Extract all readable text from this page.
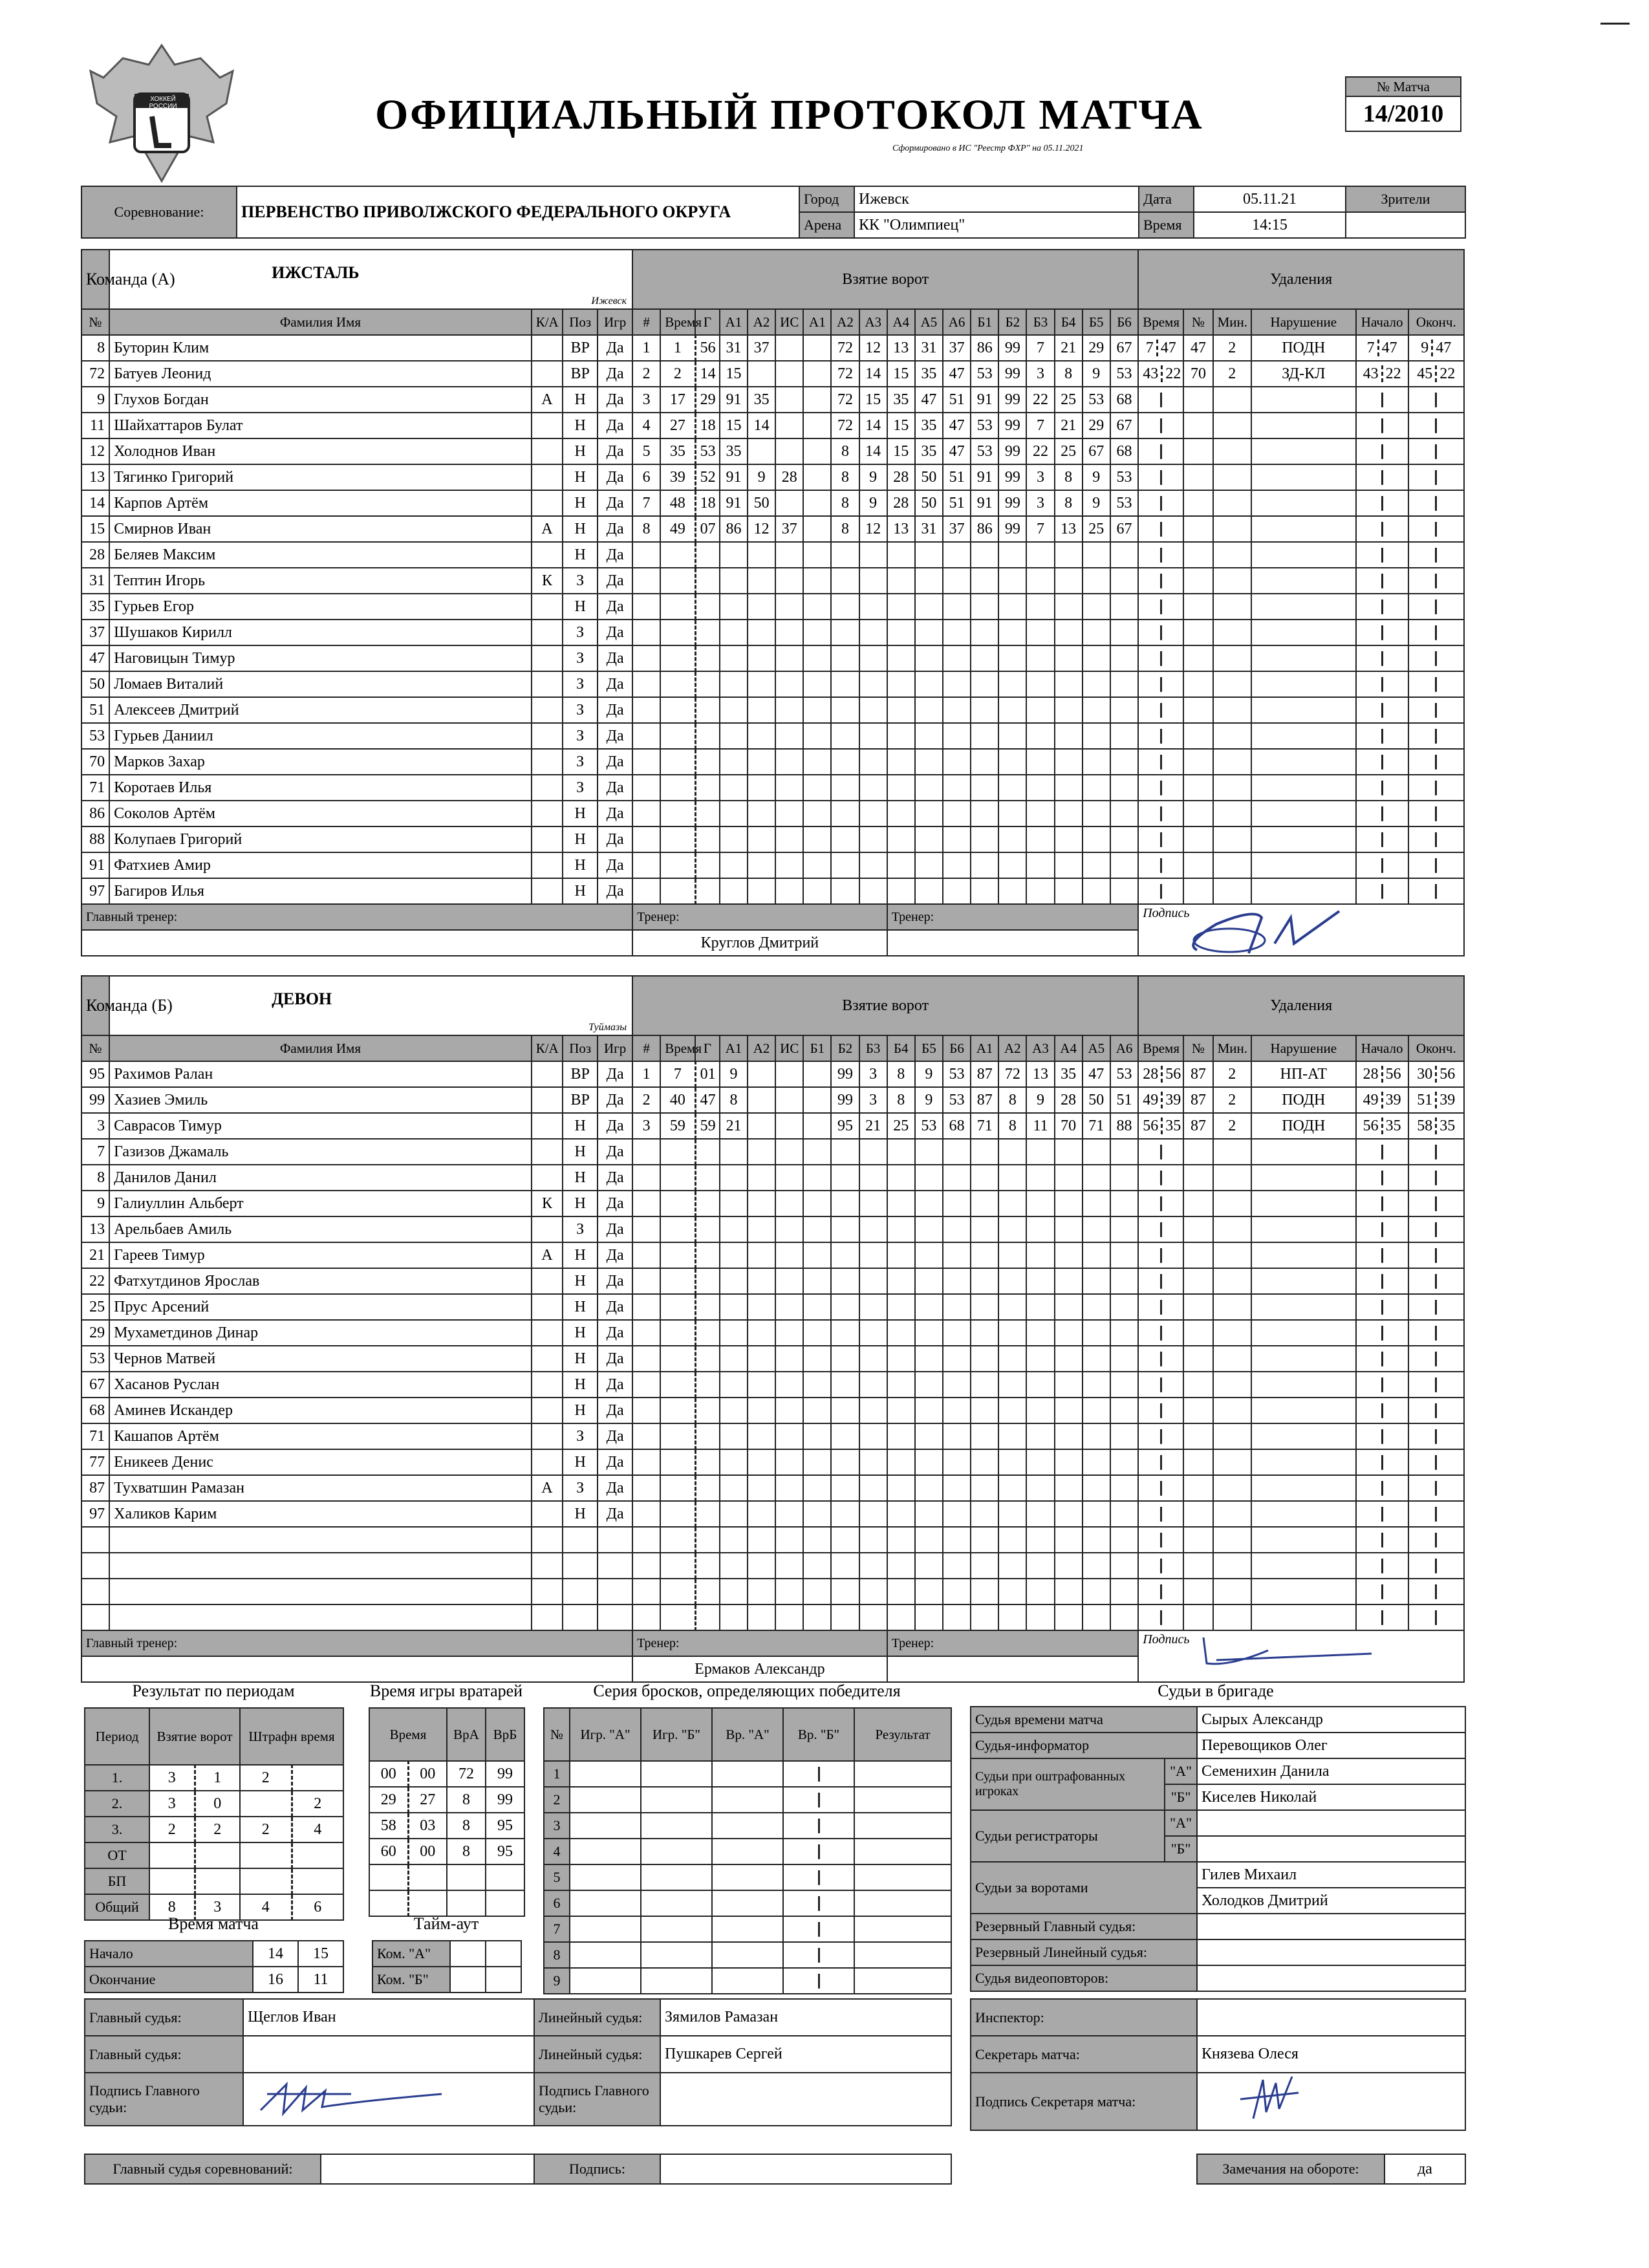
ХОККЕЙ РОССИИ	ОФИЦИАЛЬНЫЙ ПРОТОКОЛ МАТЧА
Сформировано в ИС "Реестр ФХР" на 05.11.2021
№ Матча
14/2010
Соревнование:	ПЕРВЕНСТВО ПРИВОЛЖСКОГО ФЕДЕРАЛЬНОГО ОКРУГА	Город	Ижевск	Дата	05.11.21	Зрители
		Арена	КК "Олимпиец"	Время	14:15	
Команда (А)	ИЖСТАЛЬ
Ижевск				Взятие ворот																		Удаления					
№	Фамилия Имя	К/А	Поз	Игр	#	Время	Г	А1	А2	ИС	А1	А2	А3	А4	А5	А6	Б1	Б2	Б3	Б4	Б5	Б6	Время	№	Мин.	Нарушение	Начало	Оконч.
8	Буторин Клим		ВР	Да	1	1	56	31	37			72	12	13	31	37	86	99	7	21	29	67	7 47	47	2	ПОДН	7 47	9 47
72	Батуев Леонид		ВР	Да	2	2	14	15				72	14	15	35	47	53	99	3	8	9	53	43 22	70	2	ЗД-КЛ	43 22	45 22
9	Глухов Богдан	А	Н	Да	3	17	29	91	35			72	15	35	47	51	91	99	22	25	53	68						
11	Шайхаттаров Булат		Н	Да	4	27	18	15	14			72	14	15	35	47	53	99	7	21	29	67						
12	Холоднов Иван		Н	Да	5	35	53	35				8	14	15	35	47	53	99	22	25	67	68						
13	Тягинко Григорий		Н	Да	6	39	52	91	9	28		8	9	28	50	51	91	99	3	8	9	53						
14	Карпов Артём		Н	Да	7	48	18	91	50			8	9	28	50	51	91	99	3	8	9	53						
15	Смирнов Иван	А	Н	Да	8	49	07	86	12	37		8	12	13	31	37	86	99	7	13	25	67						
28	Беляев Максим		Н	Да																								
31	Тептин Игорь	К	З	Да																								
35	Гурьев Егор		Н	Да																								
37	Шушаков Кирилл		З	Да																								
47	Наговицын Тимур		З	Да																								
50	Ломаев Виталий		З	Да																								
51	Алексеев Дмитрий		З	Да																								
53	Гурьев Даниил		З	Да																								
70	Марков Захар		З	Да																								
71	Коротаев Илья		З	Да																								
86	Соколов Артём		Н	Да																								
88	Колупаев Григорий		Н	Да																								
91	Фатхиев Амир		Н	Да																								
97	Багиров Илья		Н	Да																								
Главный тренер:					Тренер:									Тренер:									Подпись					

					Круглов Дмитрий																							
Команда (Б)	ДЕВОН
Туймазы				Взятие ворот																		Удаления					
№	Фамилия Имя	К/А	Поз	Игр	#	Время	Г	А1	А2	ИС	Б1	Б2	Б3	Б4	Б5	Б6	А1	А2	А3	А4	А5	А6	Время	№	Мин.	Нарушение	Начало	Оконч.
95	Рахимов Ралан		ВР	Да	1	7	01	9				99	3	8	9	53	87	72	13	35	47	53	28 56	87	2	НП-АТ	28 56	30 56
99	Хазиев Эмиль		ВР	Да	2	40	47	8				99	3	8	9	53	87	8	9	28	50	51	49 39	87	2	ПОДН	49 39	51 39
3	Саврасов Тимур		Н	Да	3	59	59	21				95	21	25	53	68	71	8	11	70	71	88	56 35	87	2	ПОДН	56 35	58 35
7	Газизов Джамаль		Н	Да																								
8	Данилов Данил		Н	Да																								
9	Галиуллин Альберт	К	Н	Да																								
13	Арельбаев Амиль		З	Да																								
21	Гареев Тимур	А	Н	Да																								
22	Фатхутдинов Ярослав		Н	Да																								
25	Прус Арсений		Н	Да																								
29	Мухаметдинов Динар		Н	Да																								
53	Чернов Матвей		Н	Да																								
67	Хасанов Руслан		Н	Да																								
68	Аминев Искандер		Н	Да																								
71	Кашапов Артём		З	Да																								
77	Еникеев Денис		Н	Да																								
87	Тухватшин Рамазан	А	З	Да																								
97	Халиков Карим		Н	Да																								

Главный тренер:					Тренер:									Тренер:									Подпись					

					Ермаков Александр																							
Результат по периодам
Период	Взятие ворот		Штрафн время	
1.	3	1	2	
2.	3	0		2
3.	2	2	2	4
ОТ				
БП				
Общий	8	3	4	6
Время игры вратарей
Время		ВрА	ВрБ
00	00	72	99
29	27	8	99
58	03	8	95
60	00	8	95

Время матча
Начало	14	15
Окончание	16	11
Тайм-аут
Ком. "А"		
Ком. "Б"		
Серия бросков, определяющих победителя
№	Игр. "А"	Игр. "Б"	Вр. "А"	Вр. "Б"	Результат
1					
2					
3					
4					
5					
6					
7					
8					
9					
Судьи в бригаде
Судья времени матча		Сырых Александр
Судья-информатор		Перевощиков Олег
Судьи при оштрафованных игроках	"А"	Семенихин Данила
	"Б"	Киселев Николай
Судьи регистраторы	"А"	
	"Б"	
Судьи за воротами		Гилев Михаил
		Холодков Дмитрий
Резервный Главный судья:		
Резервный Линейный судья:		
Судья видеоповторов:		
Главный судья:	Щеглов Иван	Линейный судья:	Зямилов Рамазан
Главный судья:		Линейный судья:	Пушкарев Сергей
Подпись Главного судьи:		Подпись Главного судьи:	
Инспектор:	
Секретарь матча:	Князева Олеся
Подпись Секретаря матча:	
Главный судья соревнований:		Подпись:		Замечания на обороте:	да
